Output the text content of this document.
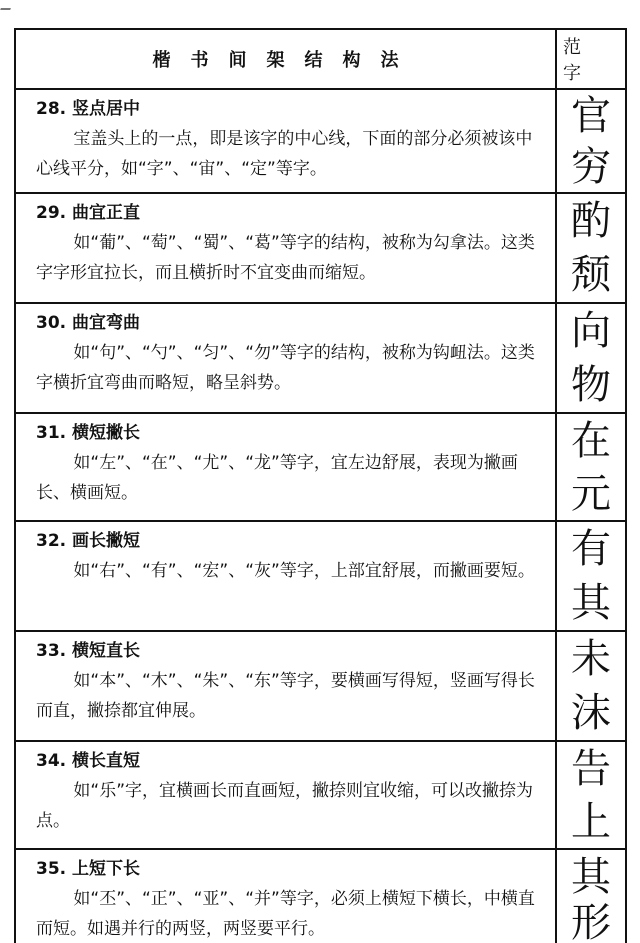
楷书间架结构法
范字
28. 竖点居中
宝盖头上的一点，即是该字的中心线，下面的部分必须被该中心线平分，如“字”、“宙”、“定”等字。
官
穷
29. 曲宜正直
如“葡”、“萄”、“蜀”、“葛”等字的结构，被称为勾拿法。这类字字形宜拉长，而且横折时不宜变曲而缩短。
酌
颓
30. 曲宜弯曲
如“句”、“勺”、“匀”、“勿”等字的结构，被称为钩衄法。这类字横折宜弯曲而略短，略呈斜势。
向
物
31. 横短撇长
如“左”、“在”、“尤”、“龙”等字，宜左边舒展，表现为撇画长、横画短。
在
元
32. 画长撇短
如“右”、“有”、“宏”、“灰”等字，上部宜舒展，而撇画要短。 有
其
33. 横短直长
如“本”、“木”、“朱”、“东”等字，要横画写得短，竖画写得长而直，撇捺都宜伸展。
未
沫
34. 横长直短
如“乐”字，宜横画长而直画短，撇捺则宜收缩，可以改撇捺为点。
告
上
35. 上短下长
如“丕”、“正”、“亚”、“并”等字，必须上横短下横长，中横直而短。如遇并行的两竖，两竖要平行。
其
形
